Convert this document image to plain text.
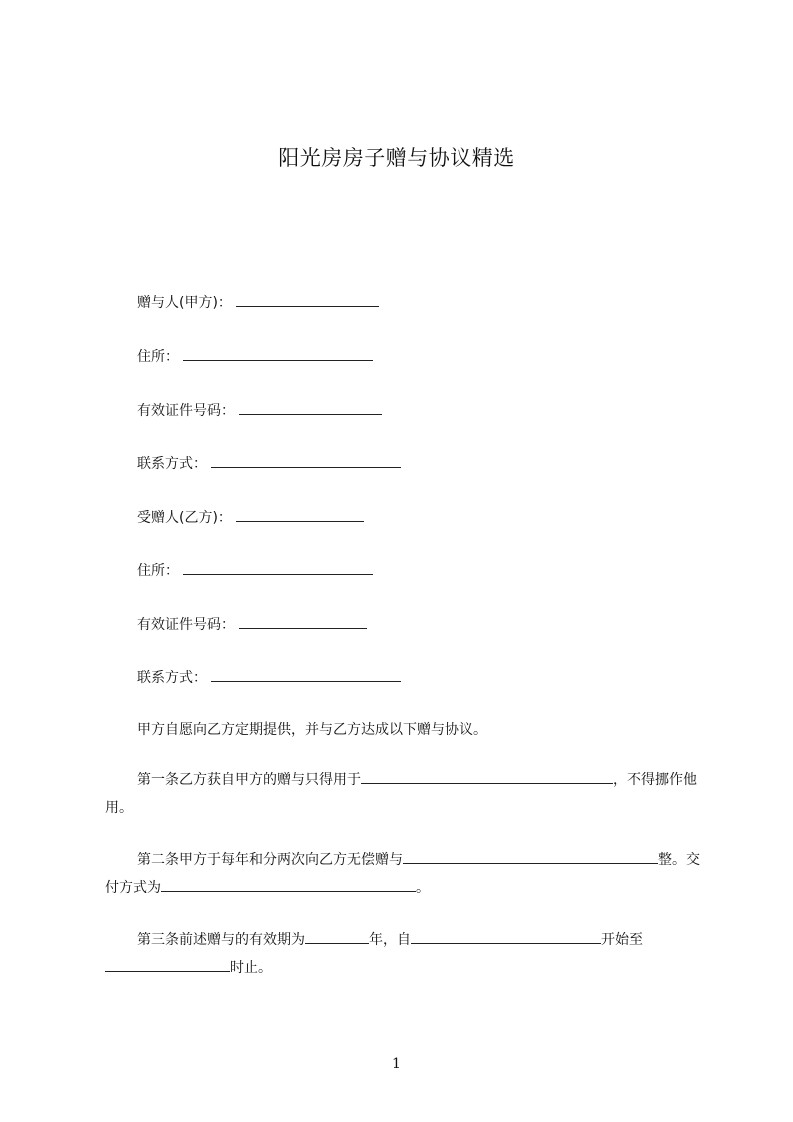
阳光房房子赠与协议精选
赠与人(甲方)：
住所：
有效证件号码：
联系方式：
受赠人(乙方)：
住所：
有效证件号码：
联系方式：
甲方自愿向乙方定期提供，并与乙方达成以下赠与协议。
第一条乙方获自甲方的赠与只得用于	，不得挪作他用。
第二条甲方于每年和分两次向乙方无偿赠与	整。交付方式为	。
第三条前述赠与的有效期为	年，自	开始至时止。
1
